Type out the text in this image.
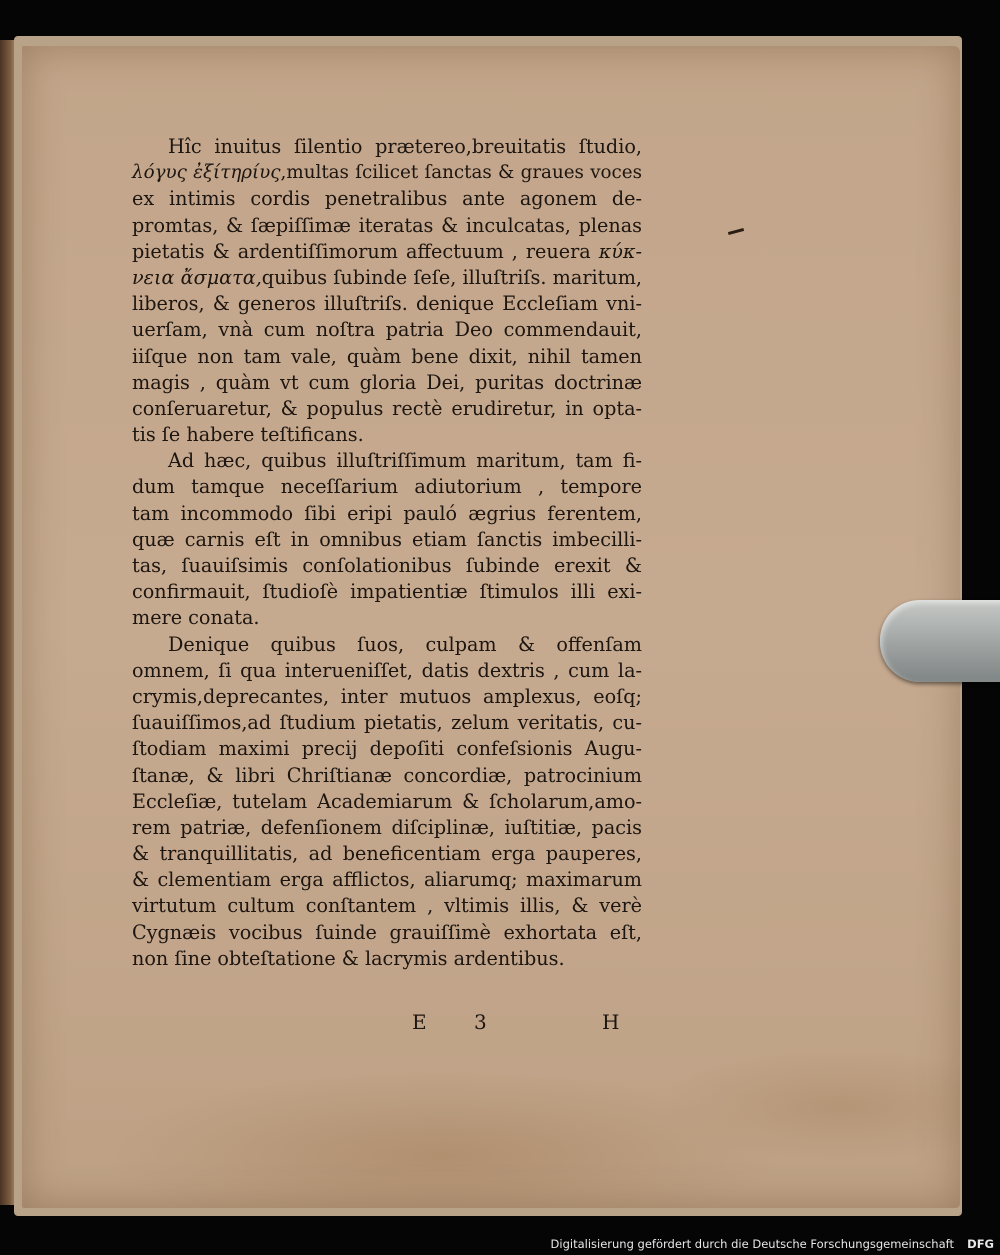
Hîc inuitus ſilentio prætereo,breuitatis ſtudio,
λόγυς ἐξίτηρίυς,multas ſcilicet ſanctas & graues voces
ex intimis cordis penetralibus ante agonem de-
promtas, & ſæpiſſimæ iteratas & inculcatas, plenas
pietatis & ardentiſſimorum affectuum , reuera κύκ-
νεια ἄσματα,quibus ſubinde ſeſe, illuſtriſs. maritum,
liberos, & generos illuſtriſs. denique Eccleſiam vni-
uerſam, vnà cum noſtra patria Deo commendauit,
iiſque non tam vale, quàm bene dixit, nihil tamen
magis , quàm vt cum gloria Dei, puritas doctrinæ
conſeruaretur, & populus rectè erudiretur, in opta-
tis ſe habere teſtificans.
Ad hæc, quibus illuſtriſſimum maritum, tam fi-
dum tamque neceſſarium adiutorium , tempore
tam incommodo ſibi eripi pauló ægrius ferentem,
quæ carnis eſt in omnibus etiam ſanctis imbecilli-
tas, ſuauiſsimis conſolationibus ſubinde erexit &
confirmauit, ſtudioſè impatientiæ ſtimulos illi exi-
mere conata.
Denique quibus ſuos, culpam & offenſam
omnem, ſi qua interueniſſet, datis dextris , cum la-
crymis,deprecantes, inter mutuos amplexus, eoſq;
ſuauiſſimos,ad ſtudium pietatis, zelum veritatis, cu-
ſtodiam maximi precij depoſiti confeſsionis Augu-
ſtanæ, & libri Chriſtianæ concordiæ, patrocinium
Eccleſiæ, tutelam Academiarum & ſcholarum,amo-
rem patriæ, defenſionem diſciplinæ, iuſtitiæ, pacis
& tranquillitatis, ad beneficentiam erga pauperes,
& clementiam erga afflictos, aliarumq; maximarum
virtutum cultum conſtantem , vltimis illis, & verè
Cygnæis vocibus ſuinde grauiſſimè exhortata eſt,
non ſine obteſtatione & lacrymis ardentibus.
E 3	H
Digitalisierung gefördert durch die Deutsche Forschungsgemeinschaft DFG
